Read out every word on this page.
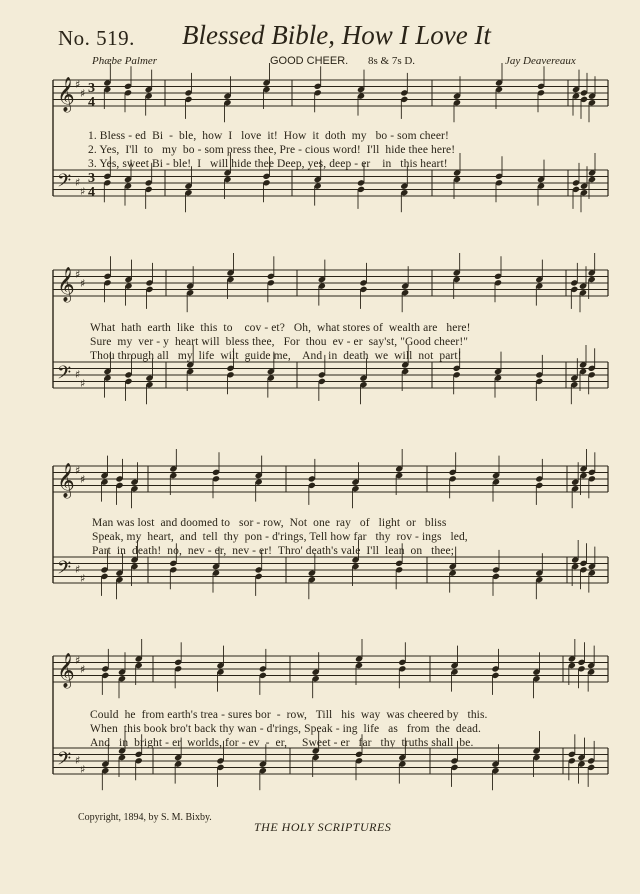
No. 519. Blessed Bible, How I Love It
Phæbe Palmer	GOOD CHEER. 8s & 7s D.	Jay Deavereaux
𝄞 ♯
♯ 3
4
𝄢 ♯
♯
3
4
𝄞 ♯
♯
𝄢 ♯
♯
𝄞 ♯
♯
𝄢 ♯
♯
𝄞 ♯
♯
𝄢 ♯
♯
1. Bless - ed  Bi  -  ble,  how  I   love  it!  How  it  doth  my   bo - som cheer!
2. Yes,  I'll  to   my  bo - som press thee, Pre - cious word!  I'll  hide thee here!
3. Yes, sweet Bi - ble!  I   will hide thee Deep, yes, deep - er    in   this heart!
What  hath  earth  like  this  to    cov - et?   Oh,  what stores of  wealth are   here!
Sure  my  ver - y  heart will  bless thee,   For  thou  ev - er  say'st, "Good cheer!"
Thou through all   my  life  wilt  guide me,    And  in  death  we  will  not  part!
Man was lost  and doomed to   sor - row,  Not  one  ray   of   light  or   bliss
Speak, my  heart,  and  tell  thy  pon - d'rings, Tell how far   thy  rov - ings   led,
Part  in  death!  no,  nev - er,  nev - er!  Thro' death's vale  I'll  lean  on   thee;
Could  he  from earth's trea - sures bor  -  row,   Till   his  way  was cheered by   this.
When  this book bro't back thy wan - d'rings, Speak - ing  life   as   from  the  dead.
And   in  bright - er  worlds, for - ev  -  er,     Sweet - er   far   thy  truths shall  be.
Copyright, 1894, by S. M. Bixby.
THE HOLY SCRIPTURES
